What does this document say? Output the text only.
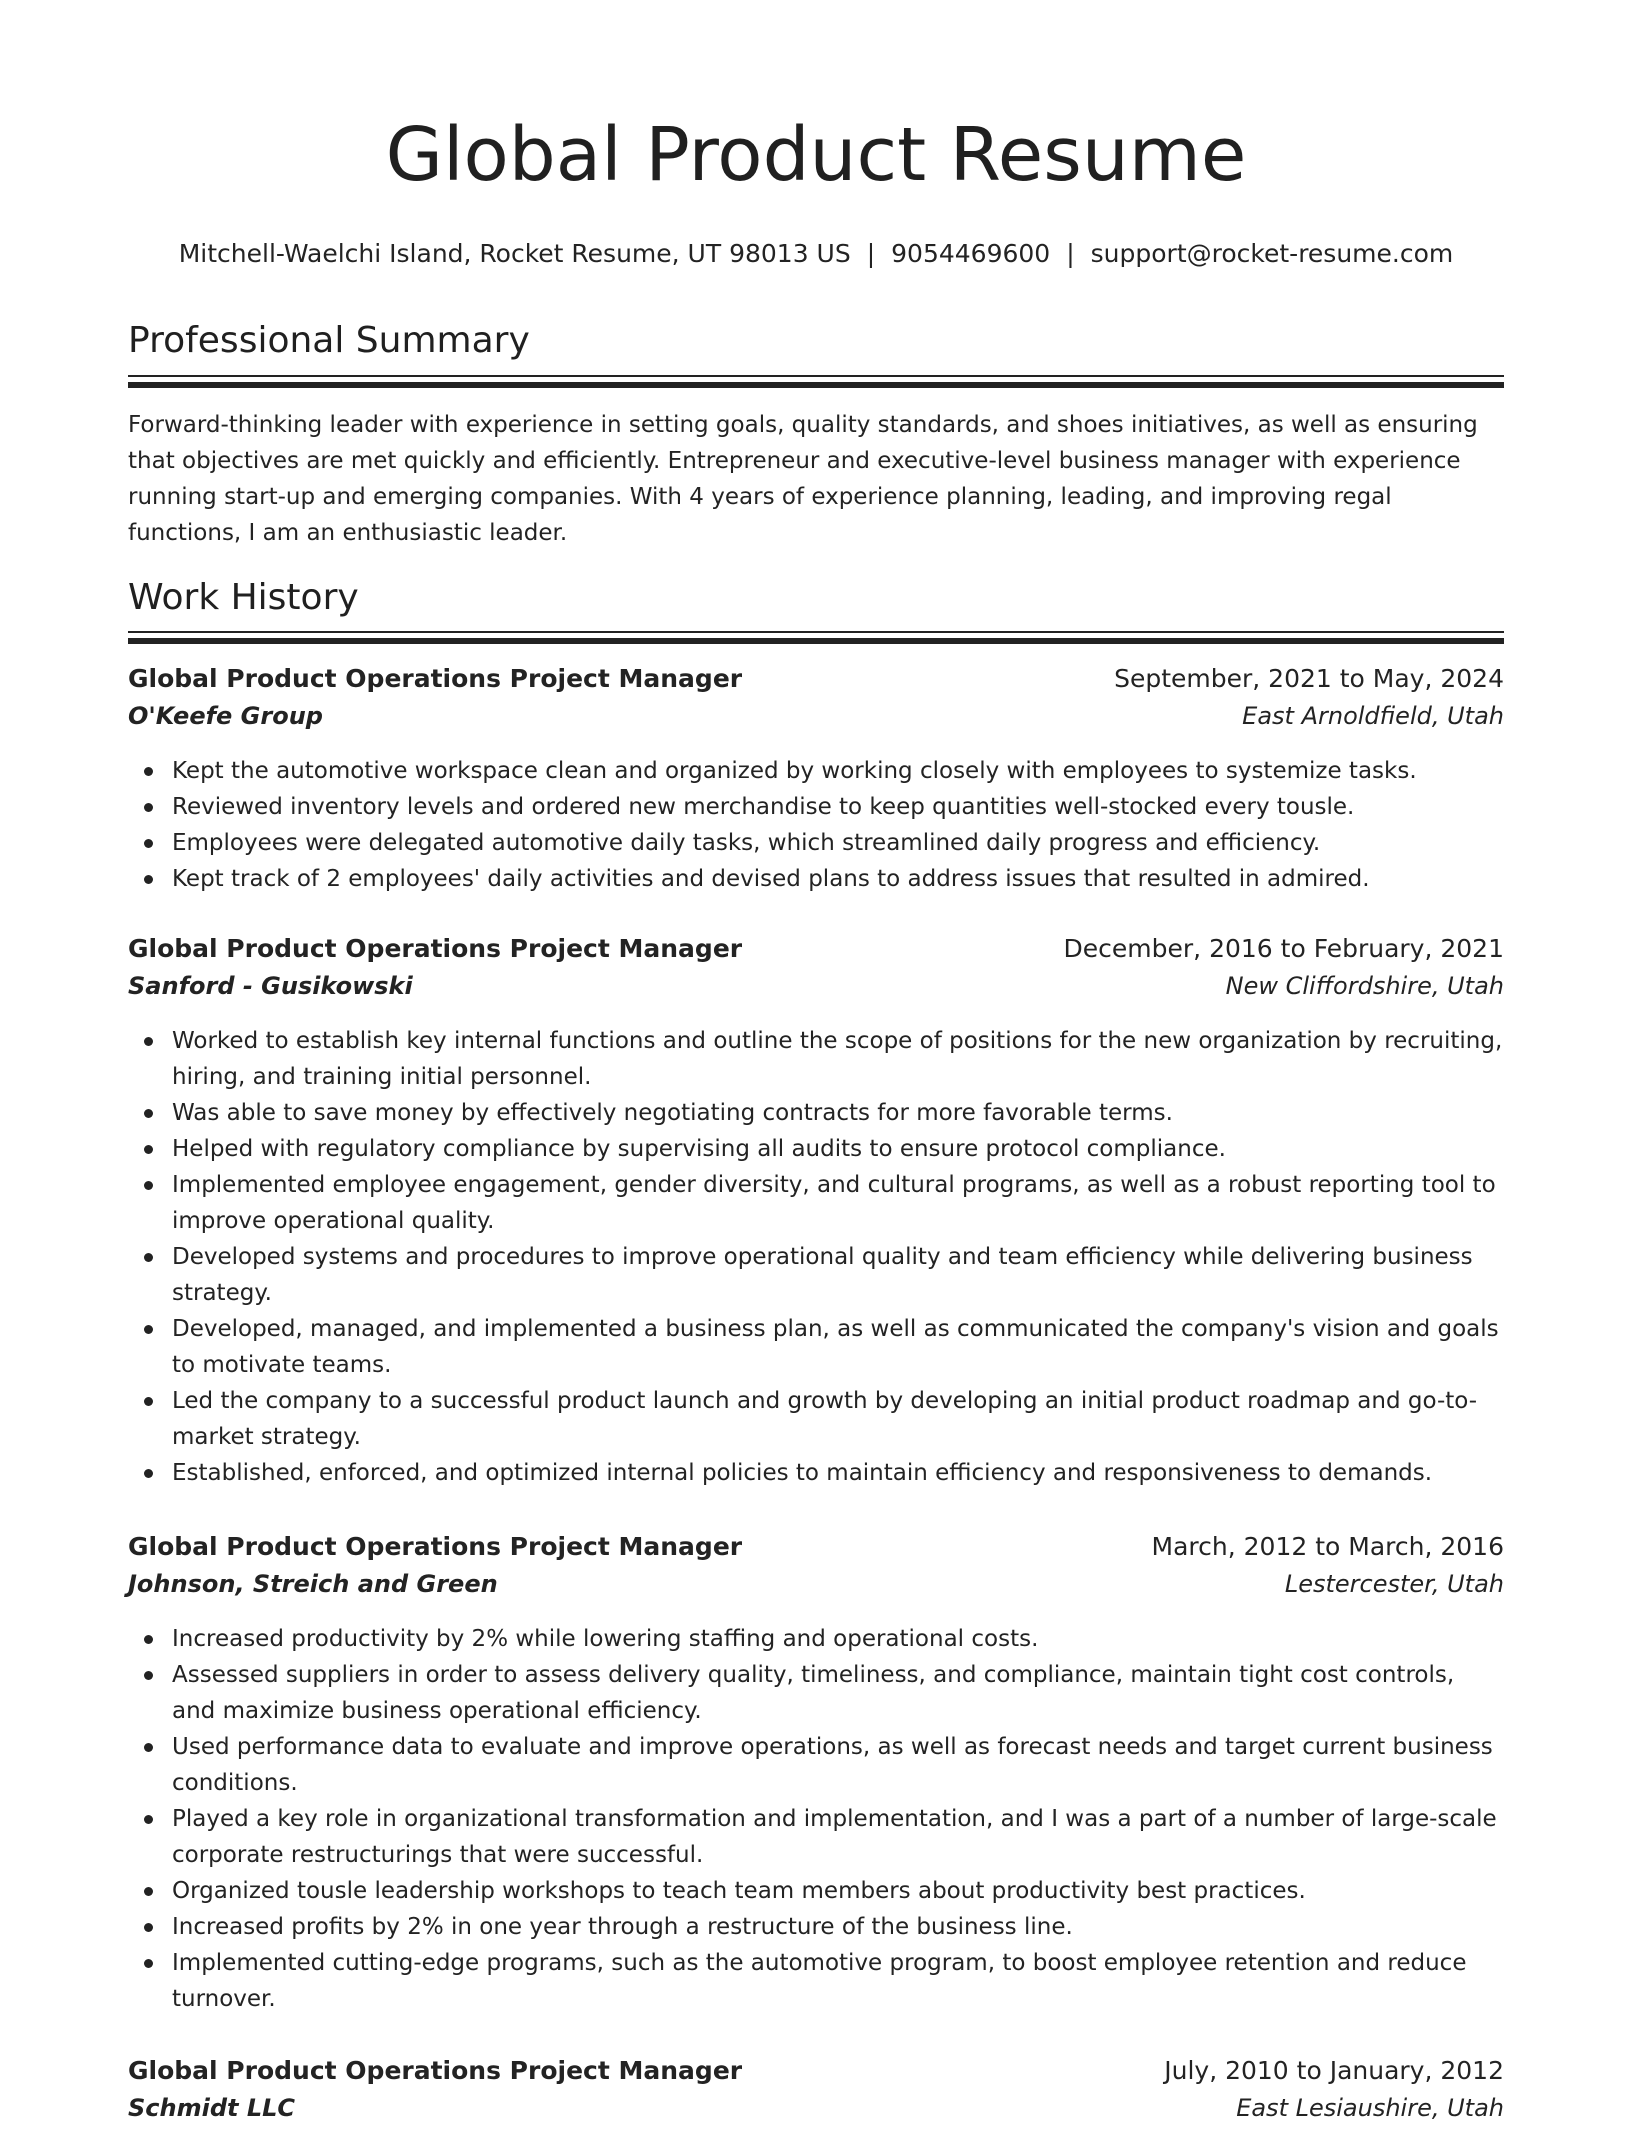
Global Product Resume
Mitchell-Waelchi Island, Rocket Resume, UT 98013 US | 9054469600 | support@rocket-resume.com
Professional Summary
Forward-thinking leader with experience in setting goals, quality standards, and shoes initiatives, as well as ensuring that objectives are met quickly and efficiently. Entrepreneur and executive-level business manager with experience running start-up and emerging companies. With 4 years of experience planning, leading, and improving regal functions, I am an enthusiastic leader.
Work History
Global Product Operations Project Manager	September, 2021 to May, 2024
O'Keefe Group	East Arnoldfield, Utah
Kept the automotive workspace clean and organized by working closely with employees to systemize tasks.
Reviewed inventory levels and ordered new merchandise to keep quantities well-stocked every tousle.
Employees were delegated automotive daily tasks, which streamlined daily progress and efficiency.
Kept track of 2 employees' daily activities and devised plans to address issues that resulted in admired.
Global Product Operations Project Manager	December, 2016 to February, 2021
Sanford - Gusikowski	New Cliffordshire, Utah
Worked to establish key internal functions and outline the scope of positions for the new organization by recruiting, hiring, and training initial personnel.
Was able to save money by effectively negotiating contracts for more favorable terms.
Helped with regulatory compliance by supervising all audits to ensure protocol compliance.
Implemented employee engagement, gender diversity, and cultural programs, as well as a robust reporting tool to improve operational quality.
Developed systems and procedures to improve operational quality and team efficiency while delivering business strategy.
Developed, managed, and implemented a business plan, as well as communicated the company's vision and goals to motivate teams.
Led the company to a successful product launch and growth by developing an initial product roadmap and go-to-market strategy.
Established, enforced, and optimized internal policies to maintain efficiency and responsiveness to demands.
Global Product Operations Project Manager	March, 2012 to March, 2016
Johnson, Streich and Green	Lestercester, Utah
Increased productivity by 2% while lowering staffing and operational costs.
Assessed suppliers in order to assess delivery quality, timeliness, and compliance, maintain tight cost controls, and maximize business operational efficiency.
Used performance data to evaluate and improve operations, as well as forecast needs and target current business conditions.
Played a key role in organizational transformation and implementation, and I was a part of a number of large-scale corporate restructurings that were successful.
Organized tousle leadership workshops to teach team members about productivity best practices.
Increased profits by 2% in one year through a restructure of the business line.
Implemented cutting-edge programs, such as the automotive program, to boost employee retention and reduce turnover.
Global Product Operations Project Manager	July, 2010 to January, 2012
Schmidt LLC	East Lesiaushire, Utah
